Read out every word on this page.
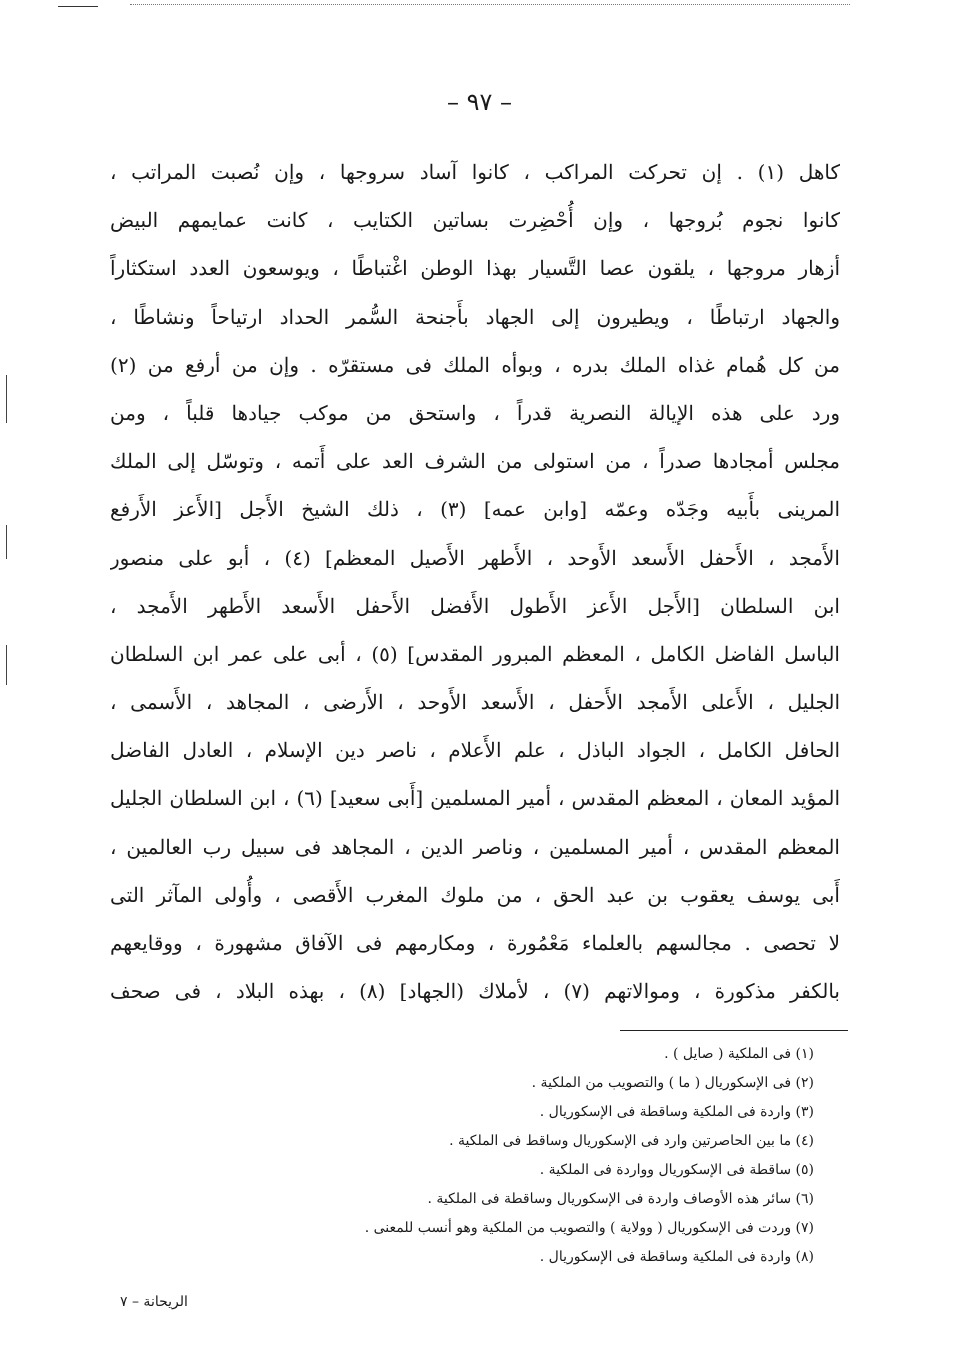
– ٩٧ –
كاهل (١) . إن تحركت المراكب ، كانوا آساد سروجها ، وإن نُصبت المراتب ،
كانوا نجوم بُروجها ، وإن أُحْضِرت بساتين الكتايب ، كانت عمايمهم البيض
أزهار مروجها ، يلقون عصا التَّسيار بهذا الوطن اغْتباطًا ، ويوسعون العدد استكثاراً
والجهاد ارتباطًا ، ويطيرون إلى الجهاد بأَجنحة السُّمر الحداد ارتياحاً ونشاطًا ،
من كل هُمام غذاه الملك بدره ، وبوأه الملك فى مستقرّه . وإن من أرفع من (٢)
ورد على هذه الإيالة النصرية قدراً ، واستحق من موكب جيادها قلباً ، ومن
مجلس أمجادها صدراً ، من استولى من الشرف العد على أَتمه ، وتوسّل إلى الملك
المرينى بأَبيه وجَدّه وعمّه [وابن عمه] (٣) ، ذلك الشيخ الأَجل [الأَعز الأَرفع
الأَمجد ، الأَحفل الأَسعد الأَوحد ، الأَطهر الأَصيل المعظم] (٤) ، أبو على منصور
ابن السلطان [الأَجل الأَعز الأَطول الأَفضل الأَحفل الأَسعد الأَطهر الأَمجد ،
الباسل الفاضل الكامل ، المعظم المبرور المقدس] (٥) ، أبى على عمر ابن السلطان
الجليل ، الأَعلى الأَمجد الأَحفل ، الأَسعد الأَوحد ، الأَرضى ، المجاهد ، الأَسمى ،
الحافل الكامل ، الجواد الباذل ، علم الأَعلام ، ناصر دين الإسلام ، العادل الفاضل
المؤيد المعان ، المعظم المقدس ، أمير المسلمين [أَبى سعيد] (٦) ، ابن السلطان الجليل
المعظم المقدس ، أمير المسلمين ، وناصر الدين ، المجاهد فى سبيل رب العالمين ،
أَبى يوسف يعقوب بن عبد الحق ، من ملوك المغرب الأَقصى ، وأُولى المآثر التى
لا تحصى . مجالسهم بالعلماء مَعْمُورة ، ومكارمهم فى الآفاق مشهورة ، ووقايعهم
بالكفر مذكورة ، وموالاتهم (٧) ، لأملاك (الجهاد] (٨) ، بهذه البلاد ، فى صحف
(١) فى الملكية ( صايل ) .
(٢) فى الإسكوريال ( ما ) والتصويب من الملكية .
(٣) واردة فى الملكية وساقطة فى الإسكوريال .
(٤) ما بين الحاصرتين وارد فى الإسكوريال وساقط فى الملكية .
(٥) ساقطة فى الإسكوريال وواردة فى الملكية .
(٦) سائر هذه الأوصاف واردة فى الإسكوريال وساقطة فى الملكية .
(٧) وردت فى الإسكوريال ( وولاية ) والتصويب من الملكية وهو أنسب للمعنى .
(٨) واردة فى الملكية وساقطة فى الإسكوريال .
الريحانة – ٧
